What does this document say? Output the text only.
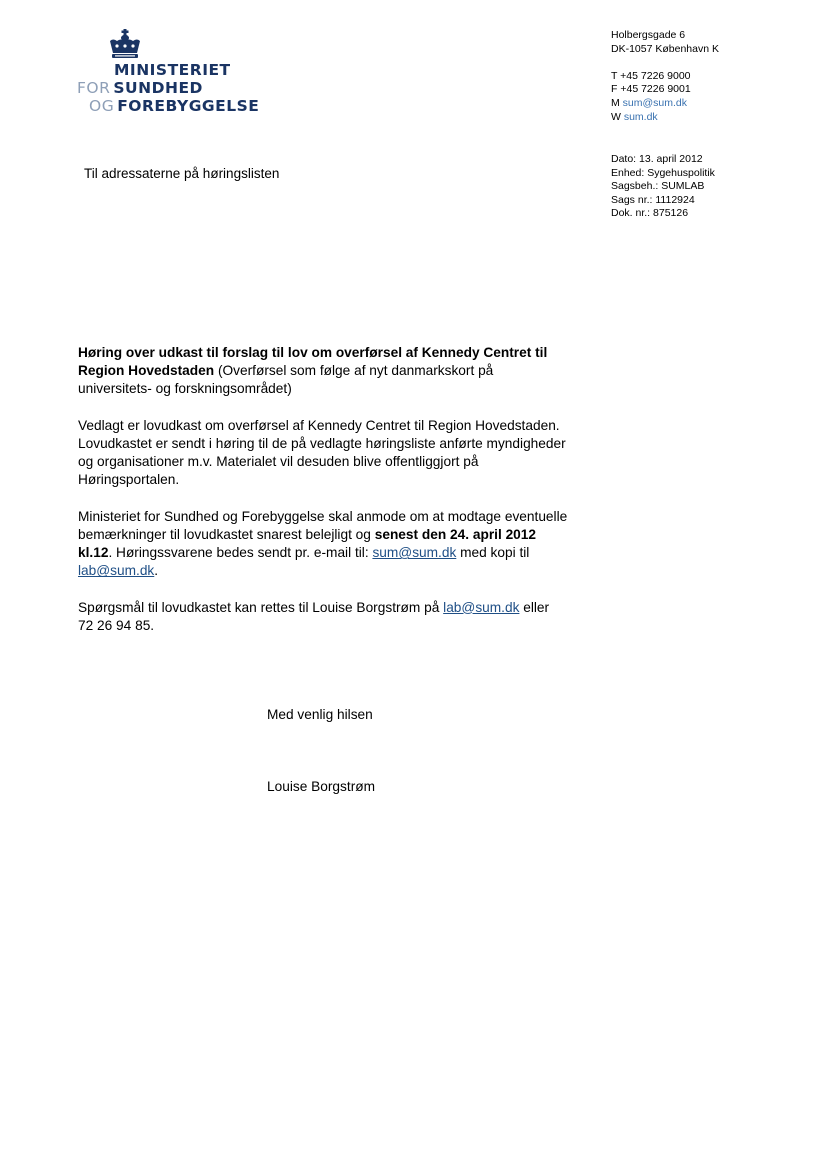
MINISTERIET
FOR SUNDHED
OG FOREBYGGELSE
Holbergsgade 6
DK-1057 København K
T +45 7226 9000
F +45 7226 9001
M sum@sum.dk
W sum.dk
Dato: 13. april 2012
Enhed: Sygehuspolitik
Sagsbeh.: SUMLAB
Sags nr.: 1112924
Dok. nr.: 875126
Til adressaterne på høringslisten

Høring over udkast til forslag til lov om overførsel af Kennedy Centret til Region Hovedstaden (Overførsel som følge af nyt danmarkskort på universitets- og forskningsområdet)

Vedlagt er lovudkast om overførsel af Kennedy Centret til Region Hovedstaden. Lovudkastet er sendt i høring til de på vedlagte høringsliste anførte myndigheder og organisationer m.v. Materialet vil desuden blive offentliggjort på Høringsportalen.

Ministeriet for Sundhed og Forebyggelse skal anmode om at modtage eventuelle bemærkninger til lovudkastet snarest belejligt og senest den 24. april 2012 kl.12. Høringssvarene bedes sendt pr. e-mail til: sum@sum.dk med kopi til lab@sum.dk.

Spørgsmål til lovudkastet kan rettes til Louise Borgstrøm på lab@sum.dk eller 72 26 94 85.

Med venlig hilsen
Louise Borgstrøm
